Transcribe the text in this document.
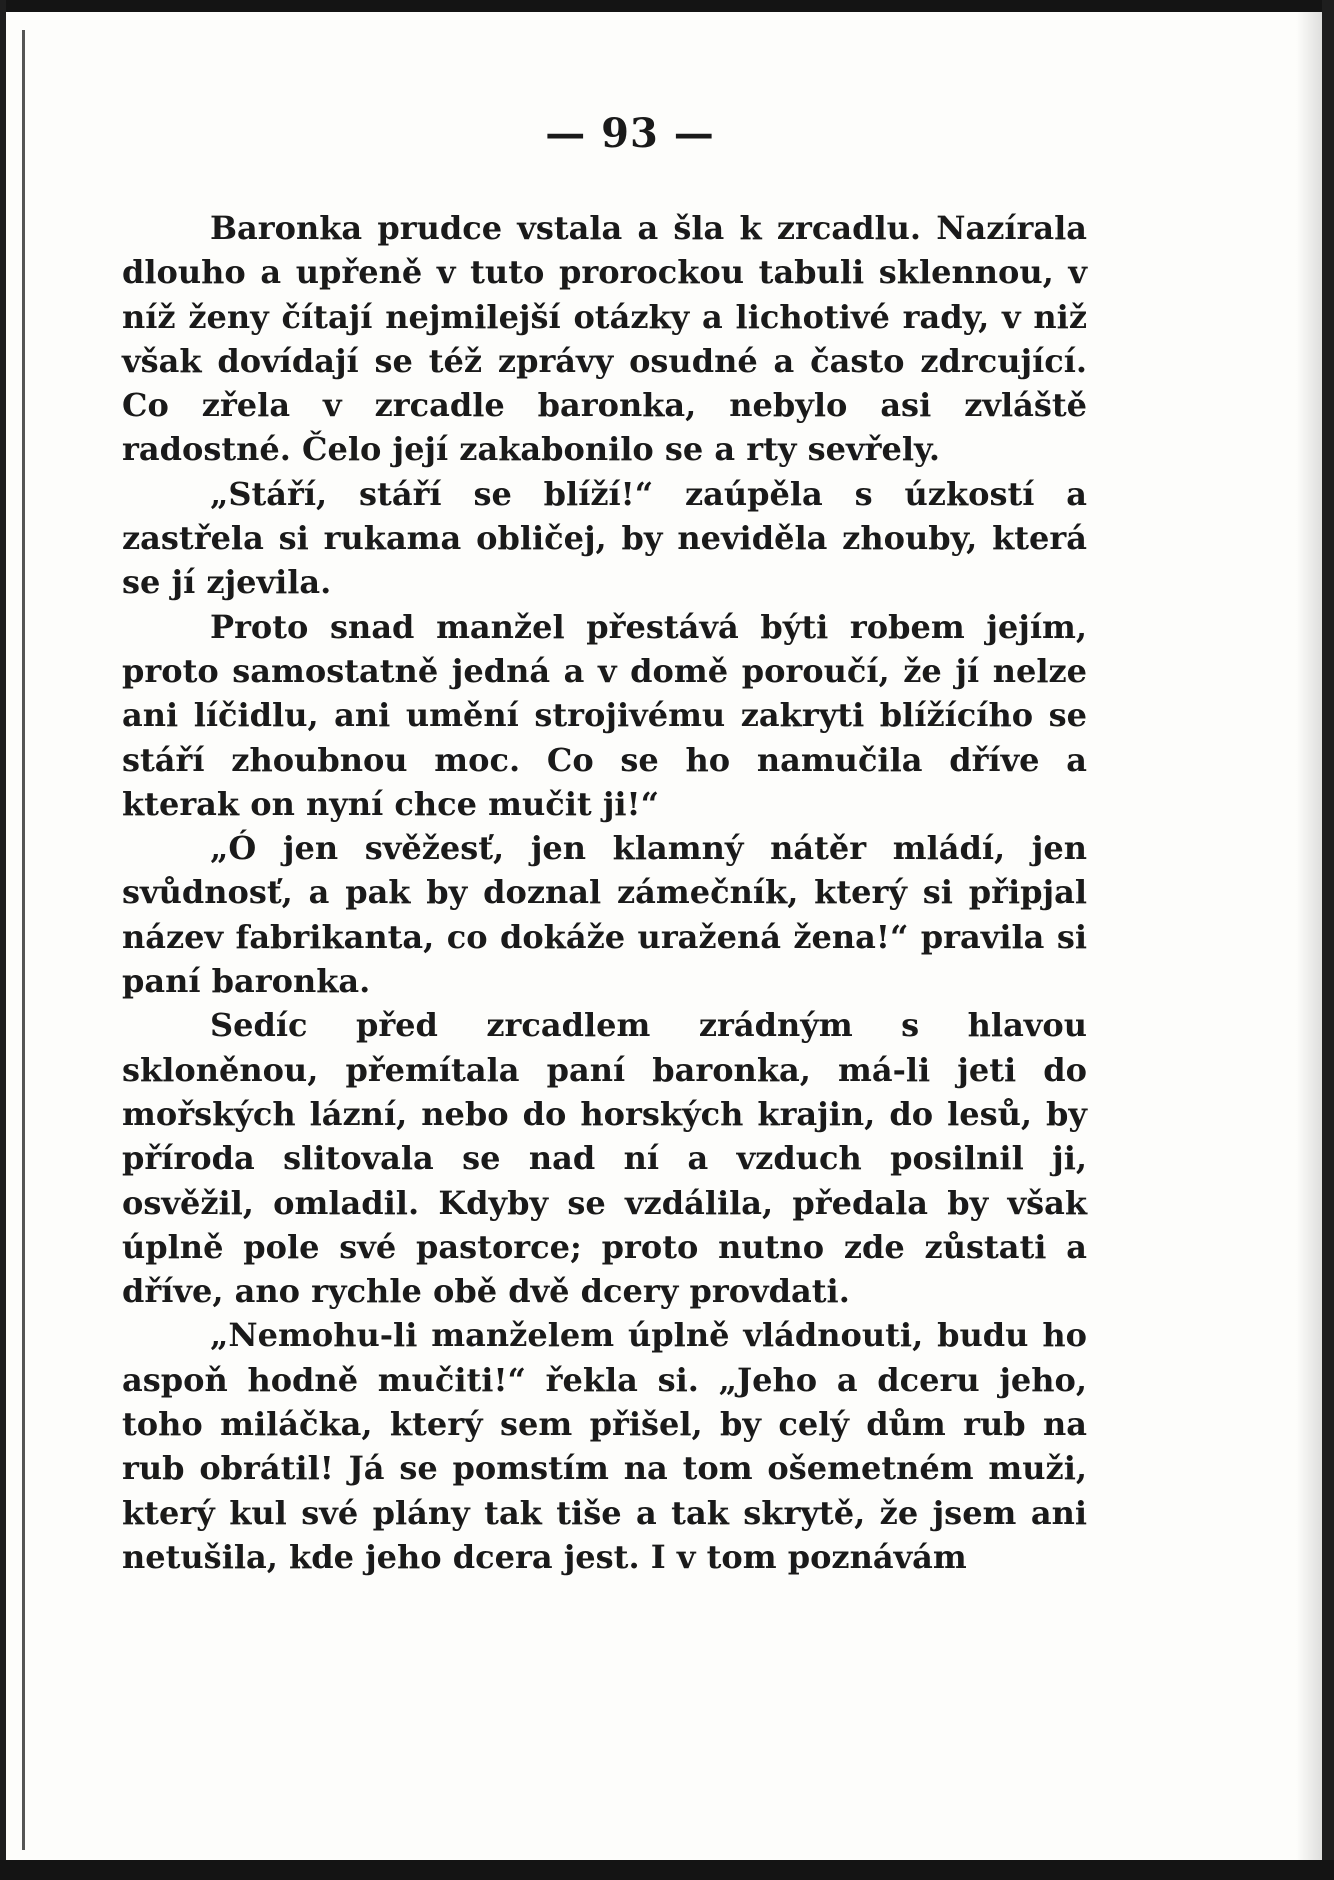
— 93 —

Baronka prudce vstala a šla k zrcadlu. Nazírala dlouho a upřeně v tuto prorockou tabuli sklennou, v níž ženy čítají nejmilejší otázky a lichotivé rady, v niž však dovídají se též zprávy osudné a často zdrcující. Co zřela v zrcadle baronka, nebylo asi zvláště radostné. Čelo její zakabonilo se a rty sevřely.

„Stáří, stáří se blíží!“ zaúpěla s úzkostí a zastřela si rukama obličej, by neviděla zhouby, která se jí zjevila.

Proto snad manžel přestává býti robem jejím, proto samostatně jedná a v domě poroučí, že jí nelze ani líčidlu, ani umění strojivému zakryti blížícího se stáří zhoubnou moc. Co se ho namučila dříve a kterak on nyní chce mučit ji!“

„Ó jen svěžesť, jen klamný nátěr mládí, jen svůdnosť, a pak by doznal zámečník, který si připjal název fabrikanta, co dokáže uražená žena!“ pravila si paní baronka.

Sedíc před zrcadlem zrádným s hlavou skloněnou, přemítala paní baronka, má-li jeti do mořských lázní, nebo do horských krajin, do lesů, by příroda slitovala se nad ní a vzduch posilnil ji, osvěžil, omladil. Kdyby se vzdálila, předala by však úplně pole své pastorce; proto nutno zde zůstati a dříve, ano rychle obě dvě dcery provdati.

„Nemohu-li manželem úplně vládnouti, budu ho aspoň hodně mučiti!“ řekla si. „Jeho a dceru jeho, toho miláčka, který sem přišel, by celý dům rub na rub obrátil! Já se pomstím na tom ošemetném muži, který kul své plány tak tiše a tak skrytě, že jsem ani netušila, kde jeho dcera jest. I v tom poznávám
